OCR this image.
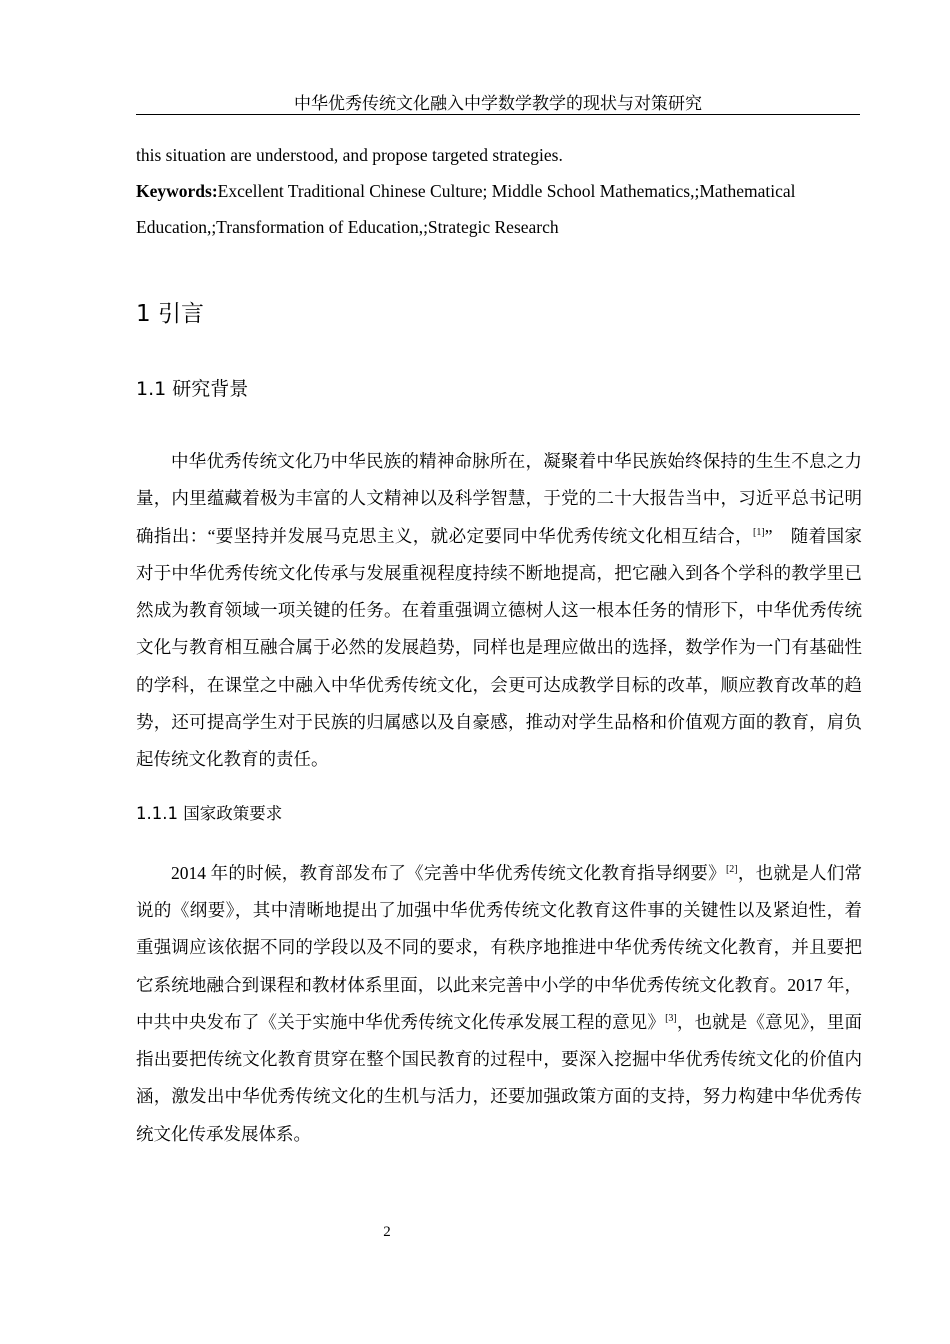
中华优秀传统文化融入中学数学教学的现状与对策研究

this situation are understood, and propose targeted strategies.

Keywords:Excellent Traditional Chinese Culture; Middle School Mathematics,;Mathematical Education,;Transformation of Education,;Strategic Research

1 引言
1.1 研究背景

中华优秀传统文化乃中华民族的精神命脉所在，凝聚着中华民族始终保持的生生不息之力量，内里蕴藏着极为丰富的人文精神以及科学智慧，于党的二十大报告当中，习近平总书记明确指出：“要坚持并发展马克思主义，就必定要同中华优秀传统文化相互结合，[1]”　随着国家对于中华优秀传统文化传承与发展重视程度持续不断地提高，把它融入到各个学科的教学里已然成为教育领域一项关键的任务。在着重强调立德树人这一根本任务的情形下，中华优秀传统文化与教育相互融合属于必然的发展趋势，同样也是理应做出的选择，数学作为一门有基础性的学科，在课堂之中融入中华优秀传统文化，会更可达成教学目标的改革，顺应教育改革的趋势，还可提高学生对于民族的归属感以及自豪感，推动对学生品格和价值观方面的教育，肩负起传统文化教育的责任。

1.1.1 国家政策要求

2014 年的时候，教育部发布了《完善中华优秀传统文化教育指导纲要》[2]，也就是人们常说的《纲要》，其中清晰地提出了加强中华优秀传统文化教育这件事的关键性以及紧迫性，着重强调应该依据不同的学段以及不同的要求，有秩序地推进中华优秀传统文化教育，并且要把它系统地融合到课程和教材体系里面，以此来完善中小学的中华优秀传统文化教育。2017 年，中共中央发布了《关于实施中华优秀传统文化传承发展工程的意见》[3]，也就是《意见》，里面指出要把传统文化教育贯穿在整个国民教育的过程中，要深入挖掘中华优秀传统文化的价值内涵，激发出中华优秀传统文化的生机与活力，还要加强政策方面的支持，努力构建中华优秀传统文化传承发展体系。

2
